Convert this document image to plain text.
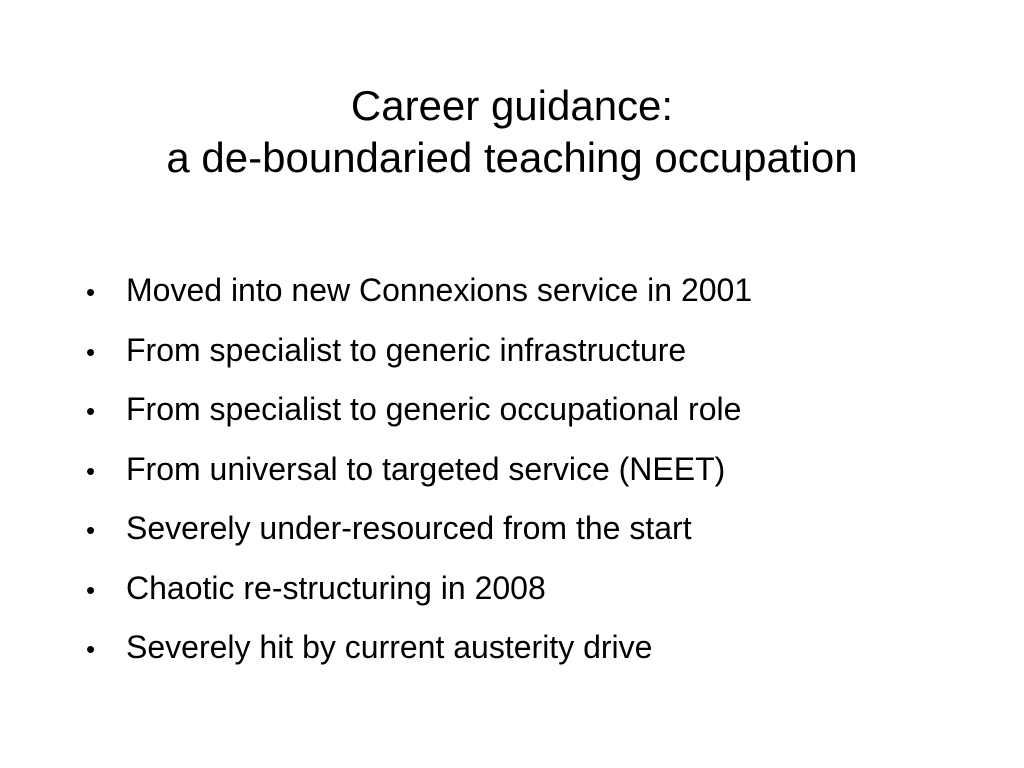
Career guidance:
a de-boundaried teaching occupation
• Moved into new Connexions service in 2001
• From specialist to generic infrastructure
• From specialist to generic occupational role
• From universal to targeted service (NEET)
• Severely under-resourced from the start
• Chaotic re-structuring in 2008
• Severely hit by current austerity drive
